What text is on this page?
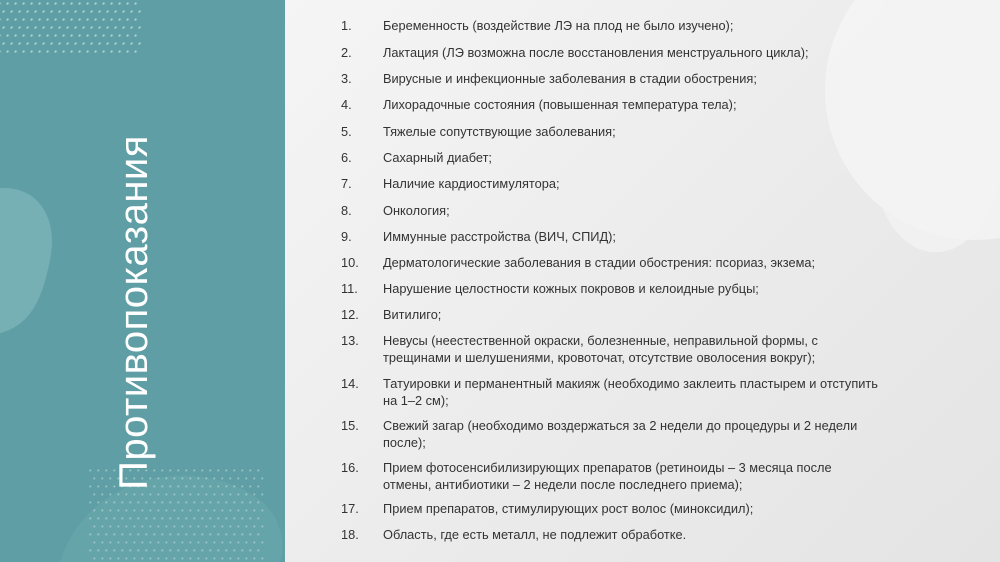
Противопоказания
1.	Беременность (воздействие ЛЭ на плод не было изучено);
2.	Лактация (ЛЭ возможна после восстановления менструального цикла);
3.	Вирусные и инфекционные заболевания в стадии обострения;
4.	Лихорадочные состояния (повышенная температура тела);
5.	Тяжелые сопутствующие заболевания;
6.	Сахарный диабет;
7.	Наличие кардиостимулятора;
8.	Онкология;
9.	Иммунные расстройства (ВИЧ, СПИД);
10.	Дерматологические заболевания в стадии обострения: псориаз, экзема;
11.	Нарушение целостности кожных покровов и келоидные рубцы;
12.	Витилиго;
13.	Невусы (неестественной окраски, болезненные, неправильной формы, с трещинами и шелушениями, кровоточат, отсутствие оволосения вокруг);
14.	Татуировки и перманентный макияж (необходимо заклеить пластырем и отступить на 1–2 см);
15.	Свежий загар (необходимо воздержаться за 2 недели до процедуры и 2 недели после);
16.	Прием фотосенсибилизирующих препаратов (ретиноиды – 3 месяца после отмены, антибиотики – 2 недели после последнего приема);
17.	Прием препаратов, стимулирующих рост волос (миноксидил);
18.	Область, где есть металл, не подлежит обработке.
